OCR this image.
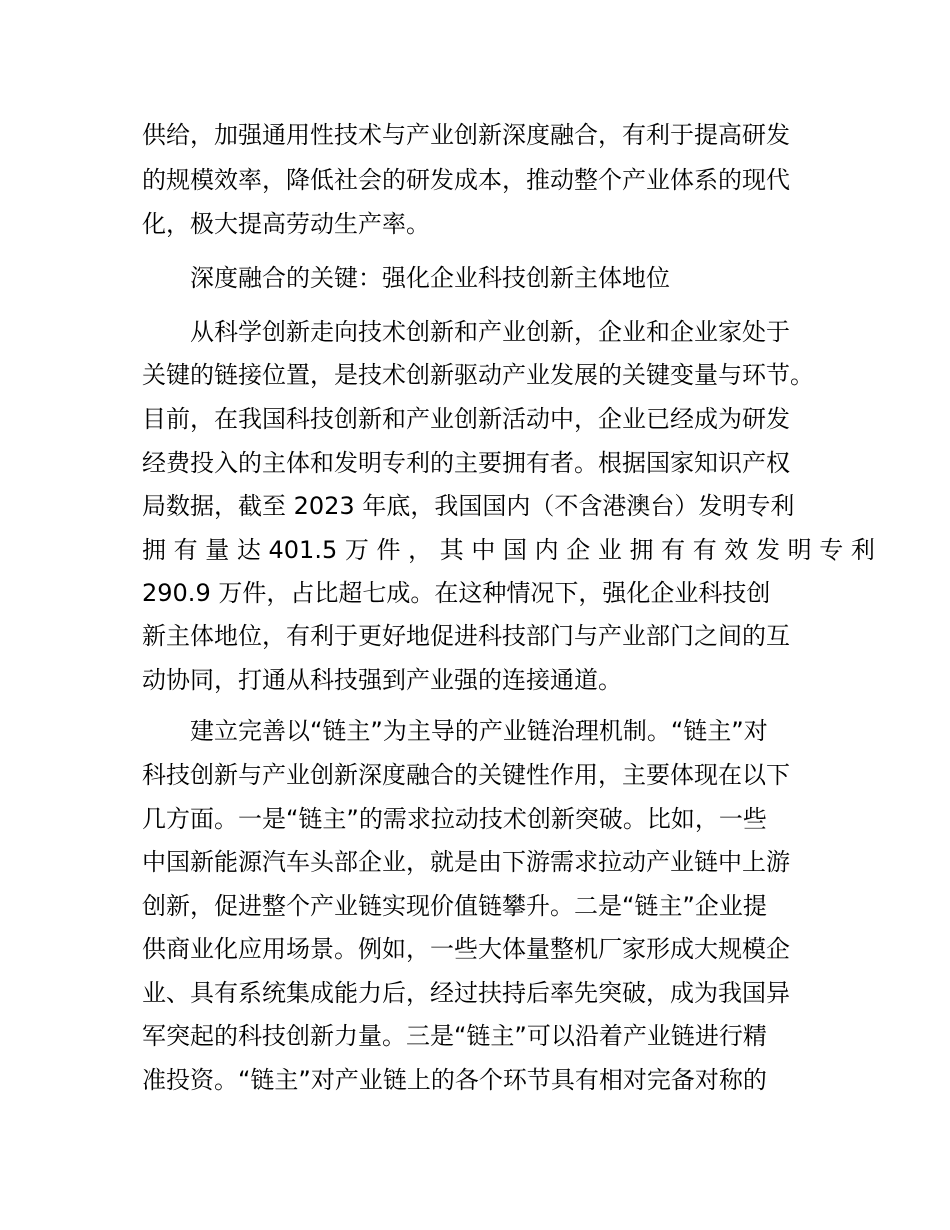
供给，加强通用性技术与产业创新深度融合，有利于提高研发

的规模效率，降低社会的研发成本，推动整个产业体系的现代

化，极大提高劳动生产率。

深度融合的关键：强化企业科技创新主体地位

从科学创新走向技术创新和产业创新，企业和企业家处于

关键的链接位置，是技术创新驱动产业发展的关键变量与环节。

目前，在我国科技创新和产业创新活动中，企业已经成为研发

经费投入的主体和发明专利的主要拥有者。根据国家知识产权

局数据，截至 2023 年底，我国国内（不含港澳台）发明专利

拥 有 量 达 401.5 万 件 ， 其 中 国 内 企 业 拥 有 有 效 发 明 专 利

290.9 万件，占比超七成。在这种情况下，强化企业科技创

新主体地位，有利于更好地促进科技部门与产业部门之间的互

动协同，打通从科技强到产业强的连接通道。

建立完善以“链主”为主导的产业链治理机制。“链主”对

科技创新与产业创新深度融合的关键性作用，主要体现在以下

几方面。一是“链主”的需求拉动技术创新突破。比如，一些

中国新能源汽车头部企业，就是由下游需求拉动产业链中上游

创新，促进整个产业链实现价值链攀升。二是“链主”企业提

供商业化应用场景。例如，一些大体量整机厂家形成大规模企

业、具有系统集成能力后，经过扶持后率先突破，成为我国异

军突起的科技创新力量。三是“链主”可以沿着产业链进行精

准投资。“链主”对产业链上的各个环节具有相对完备对称的
